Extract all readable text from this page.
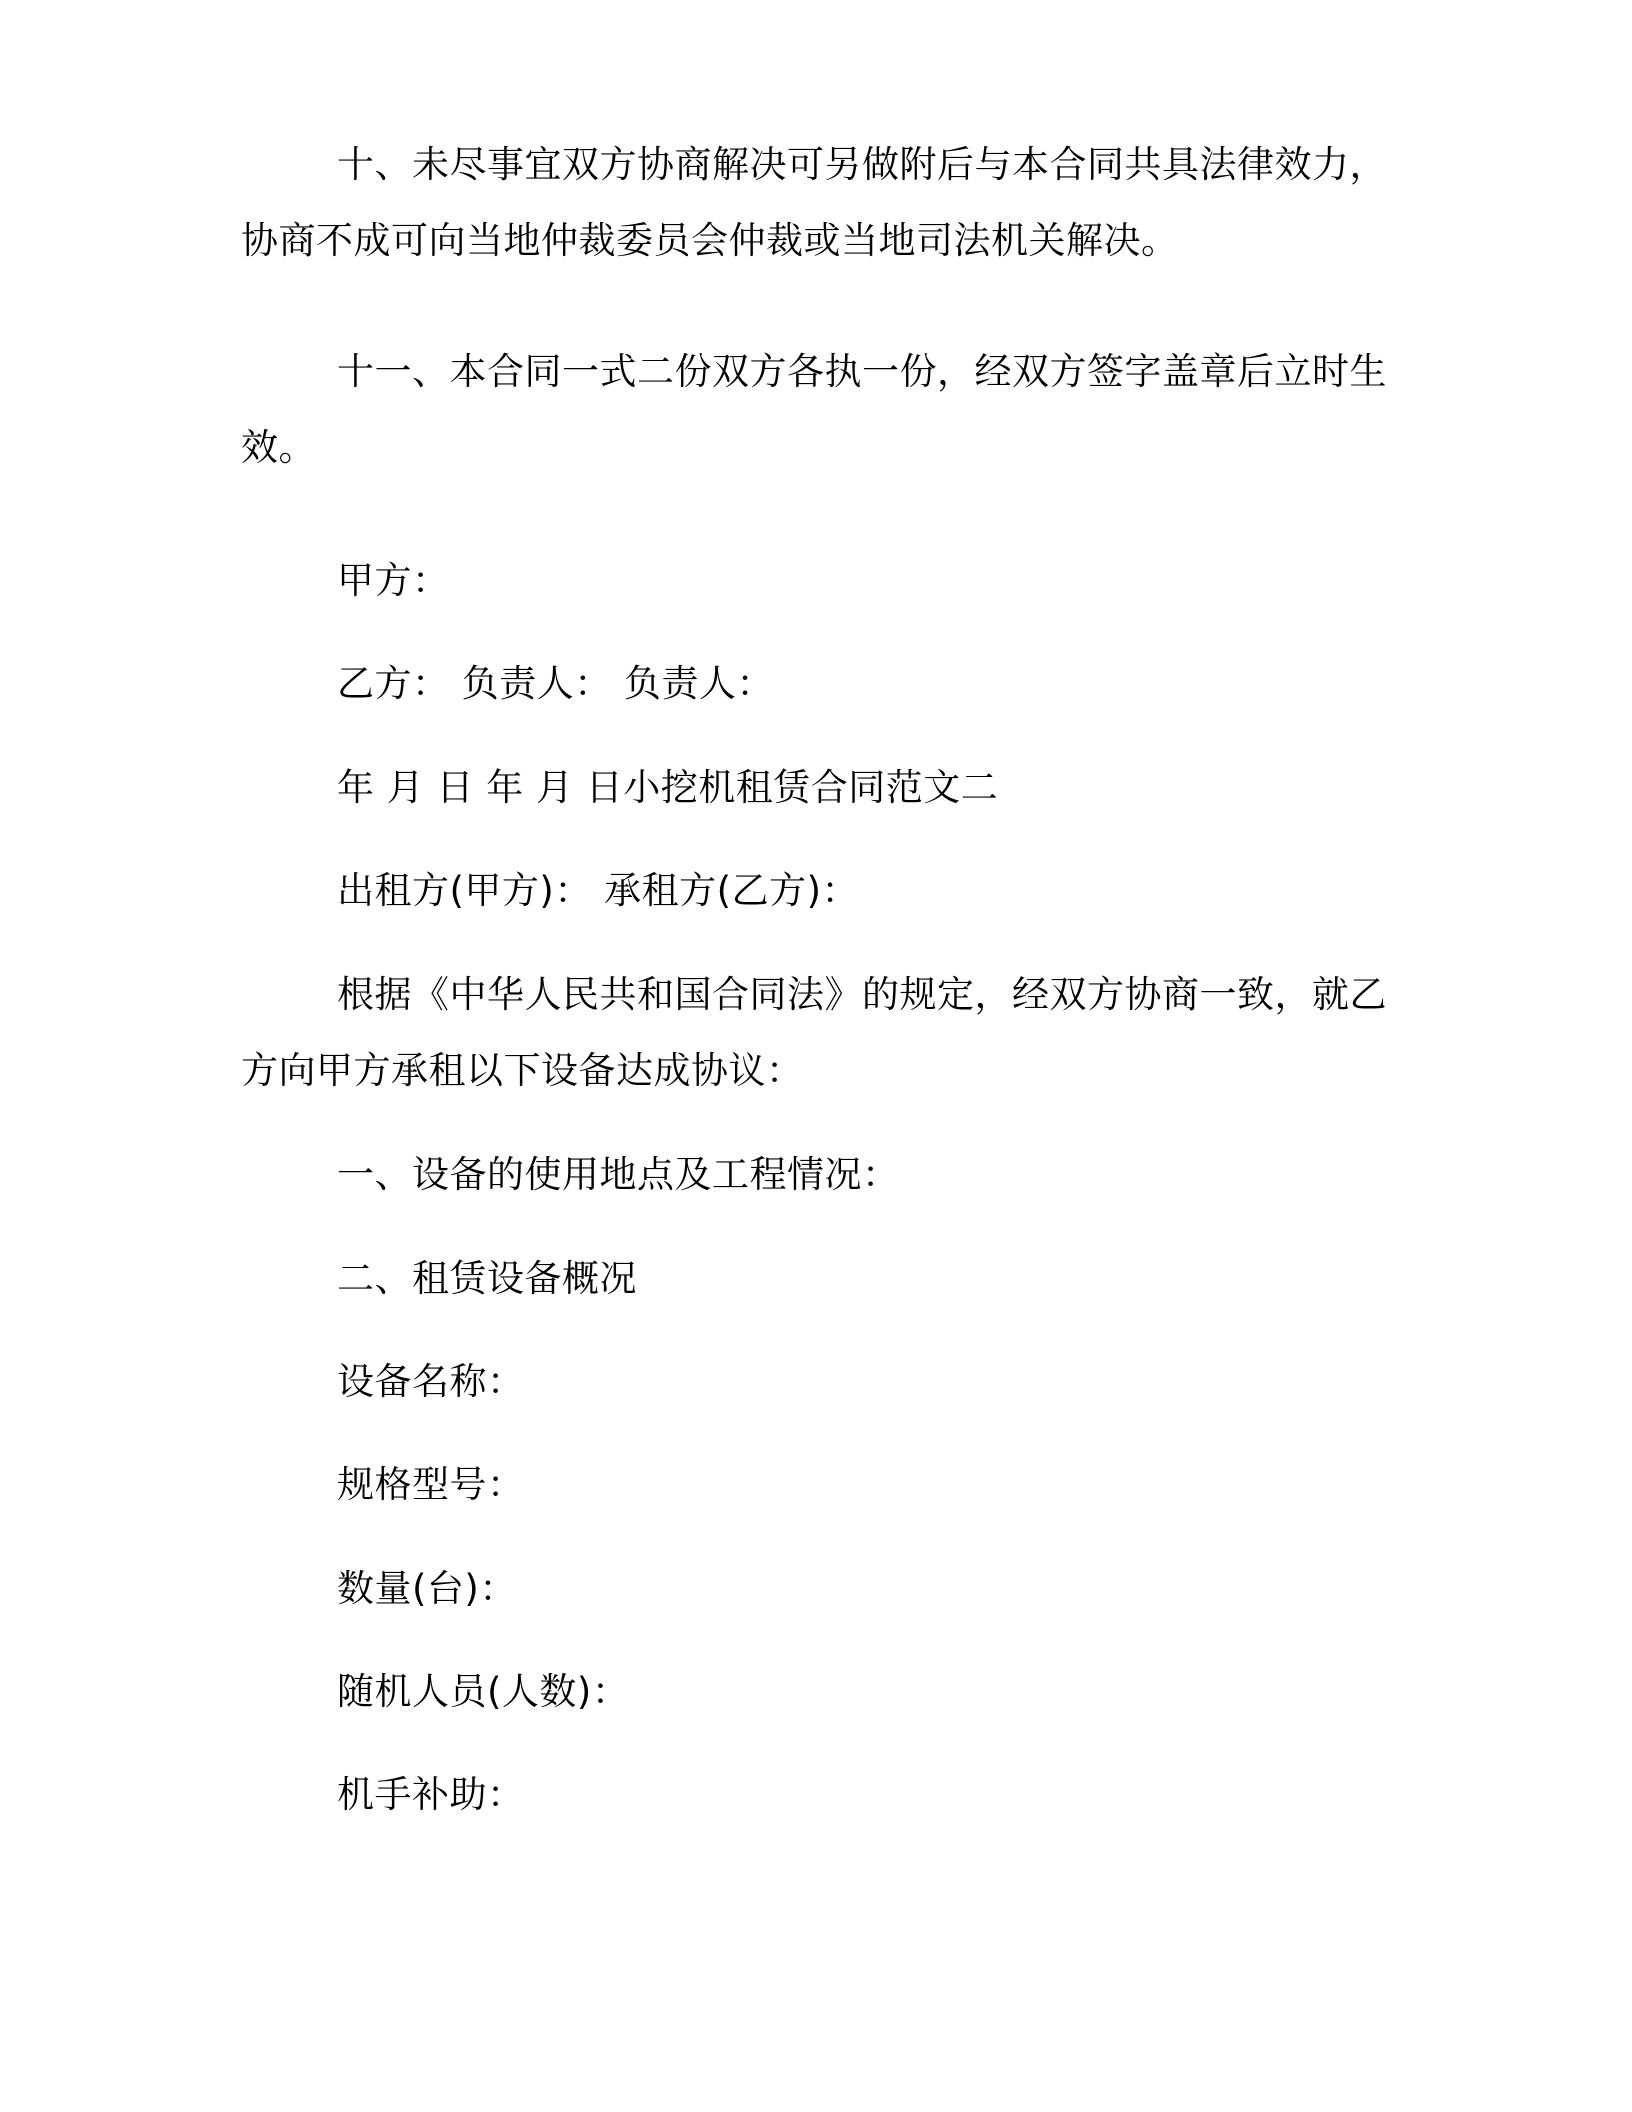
十、未尽事宜双方协商解决可另做附后与本合同共具法律效力，
协商不成可向当地仲裁委员会仲裁或当地司法机关解决。
十一、本合同一式二份双方各执一份，经双方签字盖章后立时生
效。
甲方：
乙方： 负责人： 负责人：
年 月 日 年 月 日小挖机租赁合同范文二
出租方(甲方)： 承租方(乙方)：
根据《中华人民共和国合同法》的规定，经双方协商一致，就乙
方向甲方承租以下设备达成协议：
一、设备的使用地点及工程情况：
二、租赁设备概况
设备名称：
规格型号：
数量(台)：
随机人员(人数)：
机手补助：
